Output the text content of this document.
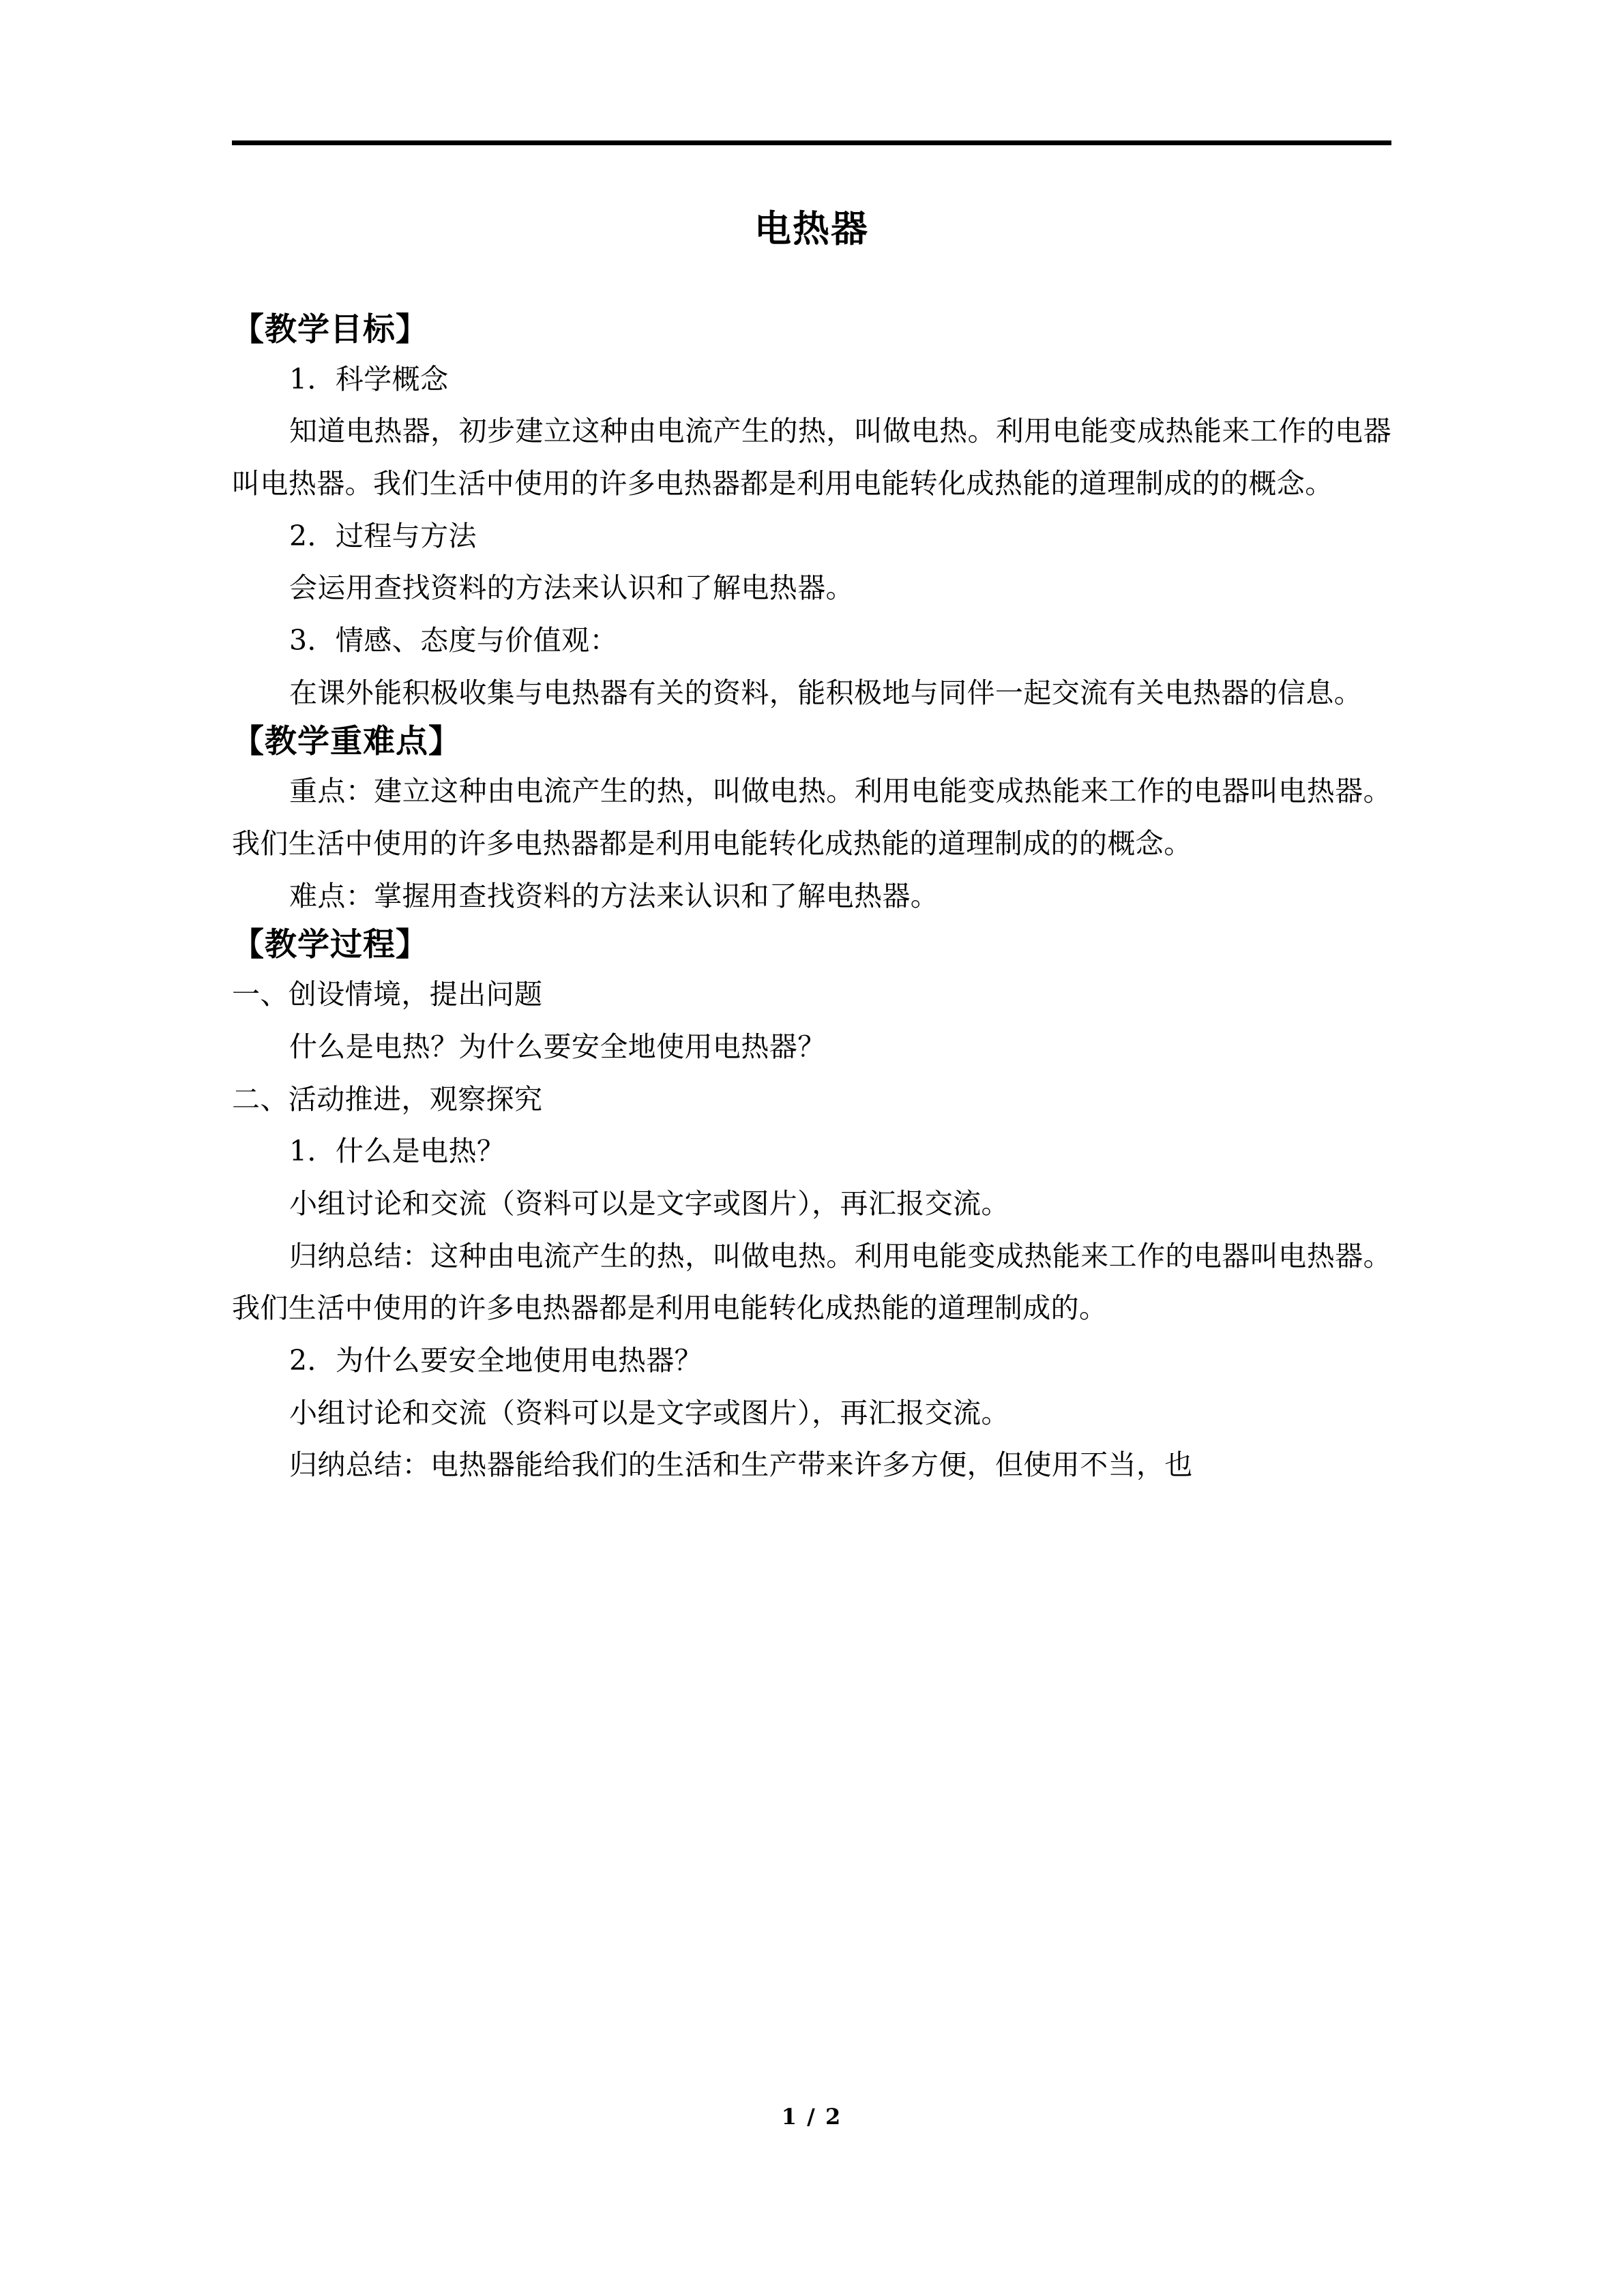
电热器
【教学目标】

1．科学概念

知道电热器，初步建立这种由电流产生的热，叫做电热。利用电能变成热能来工作的电器叫电热器。我们生活中使用的许多电热器都是利用电能转化成热能的道理制成的的概念。

2．过程与方法

会运用查找资料的方法来认识和了解电热器。

3．情感、态度与价值观：

在课外能积极收集与电热器有关的资料，能积极地与同伴一起交流有关电热器的信息。

【教学重难点】

重点：建立这种由电流产生的热，叫做电热。利用电能变成热能来工作的电器叫电热器。我们生活中使用的许多电热器都是利用电能转化成热能的道理制成的的概念。

难点：掌握用查找资料的方法来认识和了解电热器。

【教学过程】

一、创设情境，提出问题

什么是电热？为什么要安全地使用电热器？

二、活动推进，观察探究

1．什么是电热？

小组讨论和交流（资料可以是文字或图片），再汇报交流。

归纳总结：这种由电流产生的热，叫做电热。利用电能变成热能来工作的电器叫电热器。我们生活中使用的许多电热器都是利用电能转化成热能的道理制成的。

2．为什么要安全地使用电热器？

小组讨论和交流（资料可以是文字或图片），再汇报交流。

归纳总结：电热器能给我们的生活和生产带来许多方便，但使用不当，也

1 / 2
